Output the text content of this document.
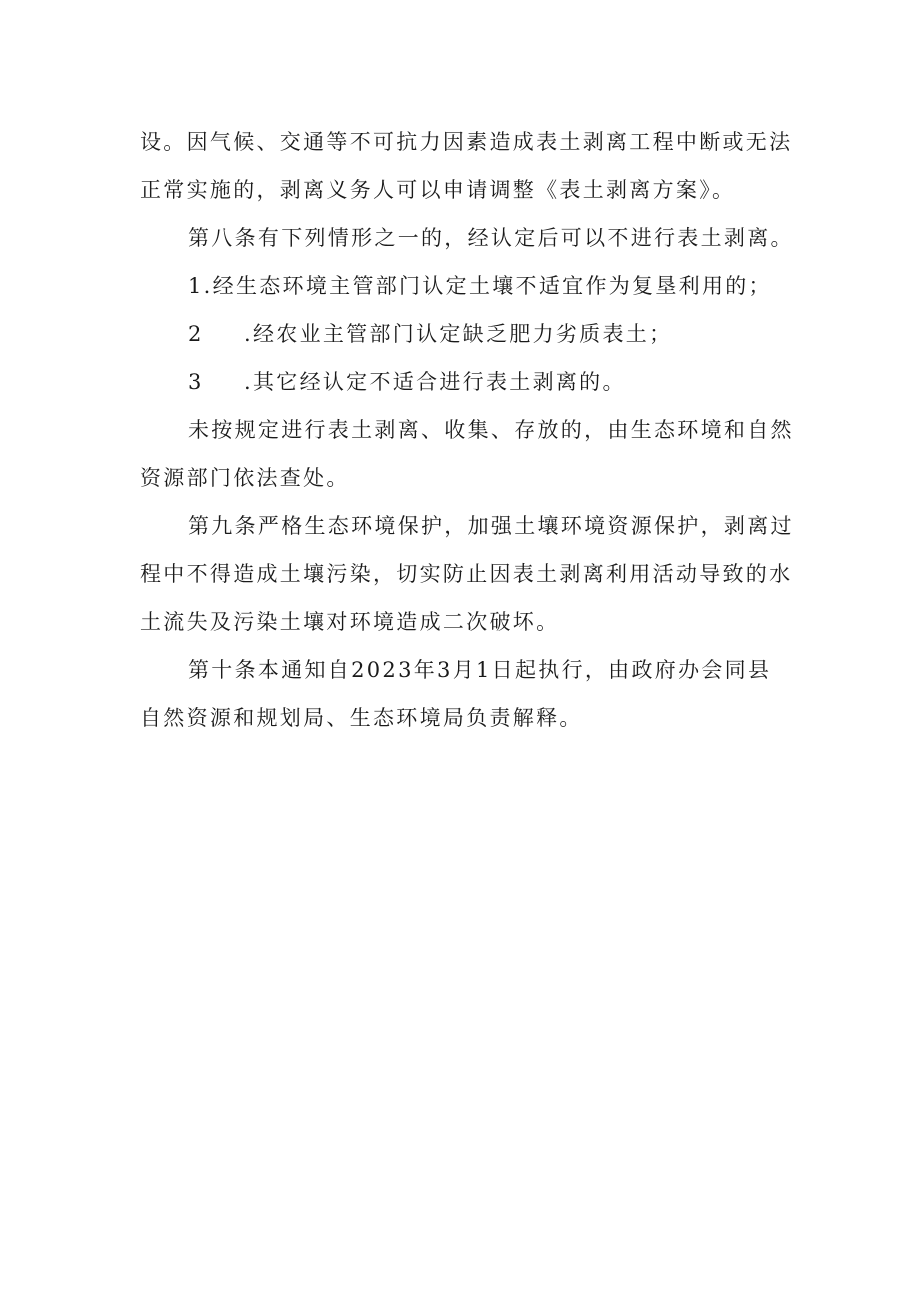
设。因气候、交通等不可抗力因素造成表土剥离工程中断或无法
正常实施的，剥离义务人可以申请调整《表土剥离方案》。
第八条有下列情形之一的，经认定后可以不进行表土剥离。
1.经生态环境主管部门认定土壤不适宜作为复垦利用的；
2 .经农业主管部门认定缺乏肥力劣质表土；
3 .其它经认定不适合进行表土剥离的。
未按规定进行表土剥离、收集、存放的，由生态环境和自然
资源部门依法查处。
第九条严格生态环境保护，加强土壤环境资源保护，剥离过
程中不得造成土壤污染，切实防止因表土剥离利用活动导致的水
土流失及污染土壤对环境造成二次破坏。
第十条本通知自2023年3月1日起执行，由政府办会同县
自然资源和规划局、生态环境局负责解释。
